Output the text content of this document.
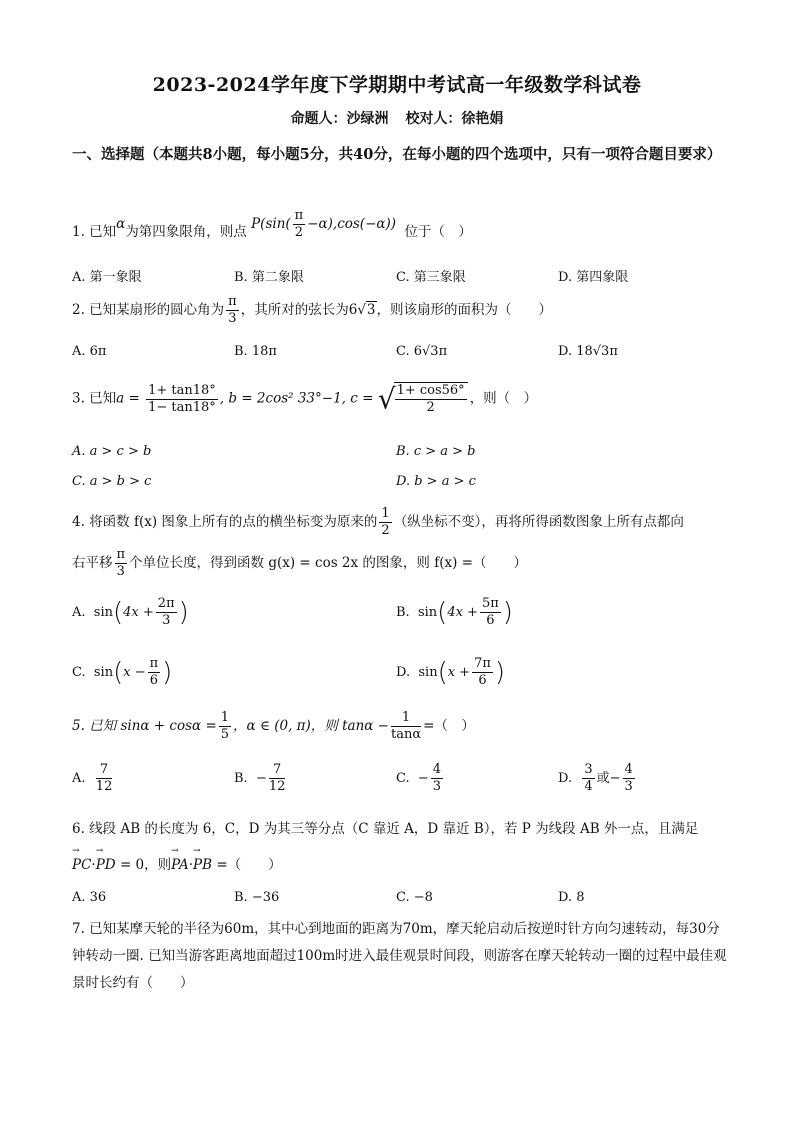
2023-2024学年度下学期期中考试高一年级数学科试卷
命题人：沙绿洲 校对人：徐艳娟
一、选择题（本题共8小题，每小题5分，共40分，在每小题的四个选项中，只有一项符合题目要求）
1. 已知α为第四象限角，则点 $P(\sin( \frac{\pi}{2} -\alpha),\cos(-\alpha))$ 位于（　）
A. 第一象限	B. 第二象限	C. 第三象限	D. 第四象限
2. 已知某扇形的圆心角为 $\frac{\pi}{3}$ ，其所对的弦长为6√3，则该扇形的面积为（　　）
A. 6π	B. 18π	C. 6√3π	D. 18√3π
3. 已知$a = \frac{1+ \tan 18^\circ}{1- \tan 18^\circ}$ , b = 2cos² 33°−1, c = √
$\frac{1+ \cos 56^\circ}{2}$ ，则（　）
A. a > c > b	B. c > a > b
C. a > b > c	D. b > a > c
4. 将函数 f(x) 图象上所有的点的横坐标变为原来的 $\frac{1}{2}$ （纵坐标不变），再将所得函数图象上所有点都向
右平移 $\frac{\pi}{3}$ 个单位长度，得到函数 g(x) = cos 2x 的图象，则 f(x) =（　　）
A.  $\sin(4x + \frac{2\pi}{3}$ )	B.  $\sin(4x + \frac{5\pi}{6}$ )
C.  $\sin(x - \frac{\pi}{6}$ )	D.  $\sin(x + \frac{7\pi}{6}$ )
5. 已知 $\sin\alpha + \cos\alpha = \frac{1}{5}$ ，α ∈ (0, π)，则 $\tan\alpha - \frac{1}{\tan\alpha}$ =（　）
A. $\frac{7}{12}$	B. − $\frac{7}{12}$	C. − $\frac{4}{3}$	D. $\frac{3}{4}$ 或− $\frac{4}{3}$
6. 线段 AB 的长度为 6，C，D 为其三等分点（C 靠近 A，D 靠近 B），若 P 为线段 AB 外一点，且满足
→ PC·→ PD = 0，则→ PA·→ PB =（　　）
A. 36	B. −36	C. −8	D. 8
7. 已知某摩天轮的半径为60m，其中心到地面的距离为70m，摩天轮启动后按逆时针方向匀速转动，每30分钟转动一圈. 已知当游客距离地面超过100m时进入最佳观景时间段，则游客在摩天轮转动一圈的过程中最佳观景时长约有（　　）
